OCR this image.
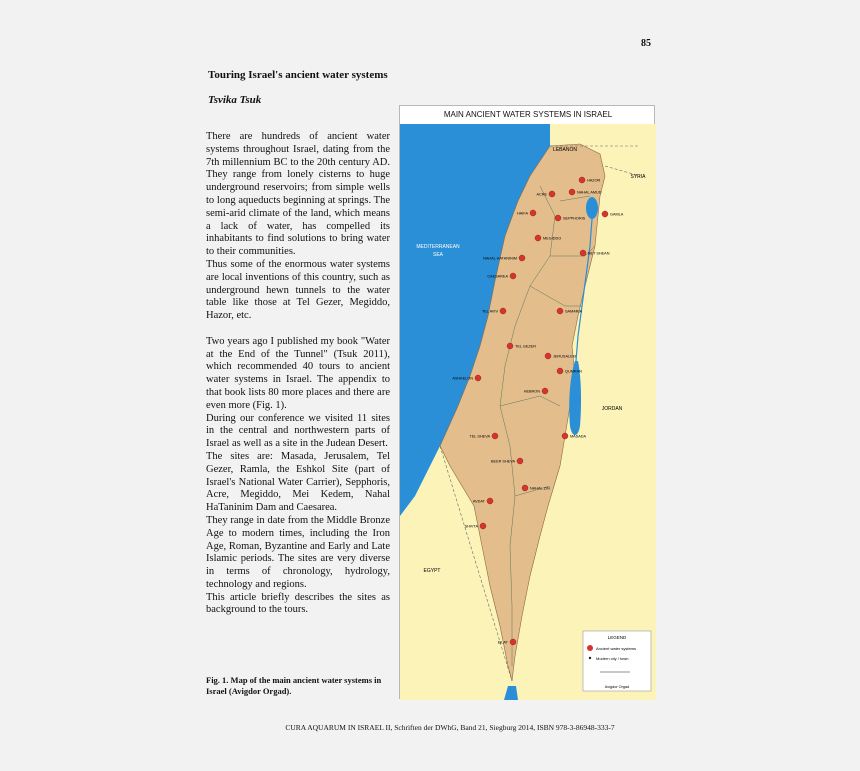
85
Touring Israel's ancient water systems
Tsvika Tsuk

There are hundreds of ancient water systems throughout Israel, dating from the 7th millennium BC to the 20th century AD. They range from lonely cisterns to huge underground reservoirs; from simple wells to long aqueducts beginning at springs. The semi-arid climate of the land, which means a lack of water, has compelled its inhabitants to find solutions to bring water to their communities.

Thus some of the enormous water systems are local inventions of this country, such as underground hewn tunnels to the water table like those at Tel Gezer, Megiddo, Hazor, etc.

Two years ago I published my book "Water at the End of the Tunnel" (Tsuk 2011), which recommended 40 tours to ancient water systems in Israel. The appendix to that book lists 80 more places and there are even more (Fig. 1).

During our conference we visited 11 sites in the central and northwestern parts of Israel as well as a site in the Judean Desert.

The sites are: Masada, Jerusalem, Tel Gezer, Ramla, the Eshkol Site (part of Israel's National Water Carrier), Sepphoris, Acre, Megiddo, Mei Kedem, Nahal HaTaninim Dam and Caesarea.

They range in date from the Middle Bronze Age to modern times, including the Iron Age, Roman, Byzantine and Early and Late Islamic periods. The sites are very diverse in terms of chronology, hydrology, technology and regions.

This article briefly describes the sites as background to the tours.

Fig. 1. Map of the main ancient water systems in Israel (Avigdor Orgad).
LEBANON
SYRIA
MEDITERRANEAN
SEA
JORDAN
EGYPT
ACRE	NAHAL AMUD
HAZOR
HAIFA
SEPPHORIS
GAMLA
MEGIDDO
BET SHEAN
NAHAL HATANINIM
CAESAREA
TEL AVIV	SAMARIA
TEL GEZER
JERUSALEM
ASHKELON
QUMRAN
HEBRON
TEL SHEVA	MASADA
BEER SHEVA
NAHAL ZIN
AVDAT
SHIVTA
EILAT
LEGEND
Ancient water systems
Modern city / town
Avigdor Orgad
MAIN ANCIENT WATER SYSTEMS IN ISRAEL
CURA AQUARUM IN ISRAEL II, Schriften der DWhG, Band 21, Siegburg 2014, ISBN 978-3-86948-333-7
